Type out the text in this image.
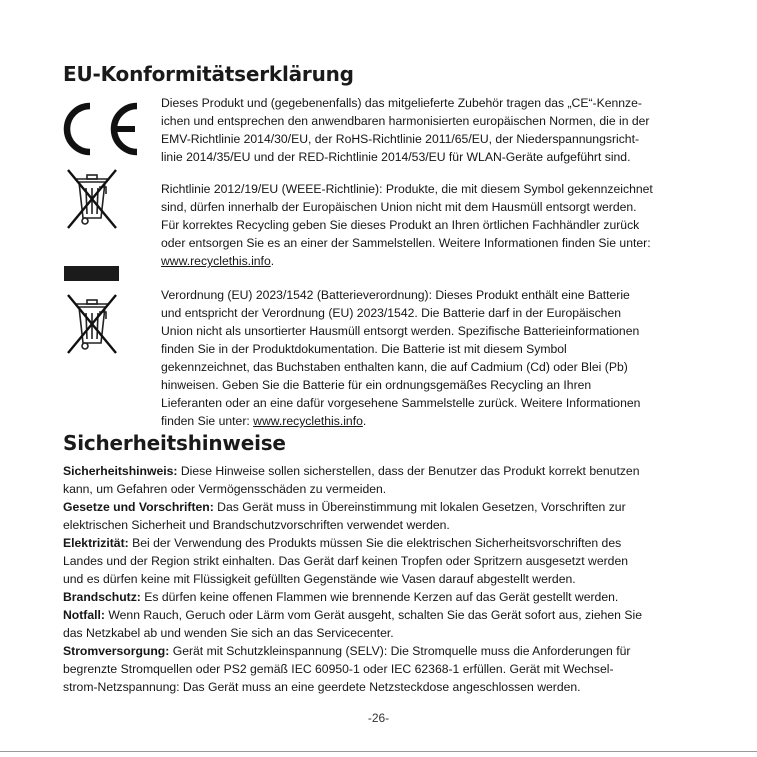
EU-Konformitätserklärung

Dieses Produkt und (gegebenenfalls) das mitgelieferte Zubehör tragen das „CE“-Kennze-
ichen und entsprechen den anwendbaren harmonisierten europäischen Normen, die in der
EMV-Richtlinie 2014/30/EU, der RoHS-Richtlinie 2011/65/EU, der Niederspannungsricht-
linie 2014/35/EU und der RED-Richtlinie 2014/53/EU für WLAN-Geräte aufgeführt sind.

Richtlinie 2012/19/EU (WEEE-Richtlinie): Produkte, die mit diesem Symbol gekennzeichnet
sind, dürfen innerhalb der Europäischen Union nicht mit dem Hausmüll entsorgt werden.
Für korrektes Recycling geben Sie dieses Produkt an Ihren örtlichen Fachhändler zurück
oder entsorgen Sie es an einer der Sammelstellen. Weitere Informationen finden Sie unter:
www.recyclethis.info.

Verordnung (EU) 2023/1542 (Batterieverordnung): Dieses Produkt enthält eine Batterie
und entspricht der Verordnung (EU) 2023/1542. Die Batterie darf in der Europäischen
Union nicht als unsortierter Hausmüll entsorgt werden. Spezifische Batterieinformationen
finden Sie in der Produktdokumentation. Die Batterie ist mit diesem Symbol
gekennzeichnet, das Buchstaben enthalten kann, die auf Cadmium (Cd) oder Blei (Pb)
hinweisen. Geben Sie die Batterie für ein ordnungsgemäßes Recycling an Ihren
Lieferanten oder an eine dafür vorgesehene Sammelstelle zurück. Weitere Informationen
finden Sie unter: www.recyclethis.info.

Sicherheitshinweise

Sicherheitshinweis: Diese Hinweise sollen sicherstellen, dass der Benutzer das Produkt korrekt benutzen
kann, um Gefahren oder Vermögensschäden zu vermeiden.

Gesetze und Vorschriften: Das Gerät muss in Übereinstimmung mit lokalen Gesetzen, Vorschriften zur
elektrischen Sicherheit und Brandschutzvorschriften verwendet werden.

Elektrizität: Bei der Verwendung des Produkts müssen Sie die elektrischen Sicherheitsvorschriften des
Landes und der Region strikt einhalten. Das Gerät darf keinen Tropfen oder Spritzern ausgesetzt werden
und es dürfen keine mit Flüssigkeit gefüllten Gegenstände wie Vasen darauf abgestellt werden.

Brandschutz: Es dürfen keine offenen Flammen wie brennende Kerzen auf das Gerät gestellt werden.

Notfall: Wenn Rauch, Geruch oder Lärm vom Gerät ausgeht, schalten Sie das Gerät sofort aus, ziehen Sie
das Netzkabel ab und wenden Sie sich an das Servicecenter.

Stromversorgung: Gerät mit Schutzkleinspannung (SELV): Die Stromquelle muss die Anforderungen für
begrenzte Stromquellen oder PS2 gemäß IEC 60950-1 oder IEC 62368-1 erfüllen. Gerät mit Wechsel-
strom-Netzspannung: Das Gerät muss an eine geerdete Netzsteckdose angeschlossen werden.

-26-
